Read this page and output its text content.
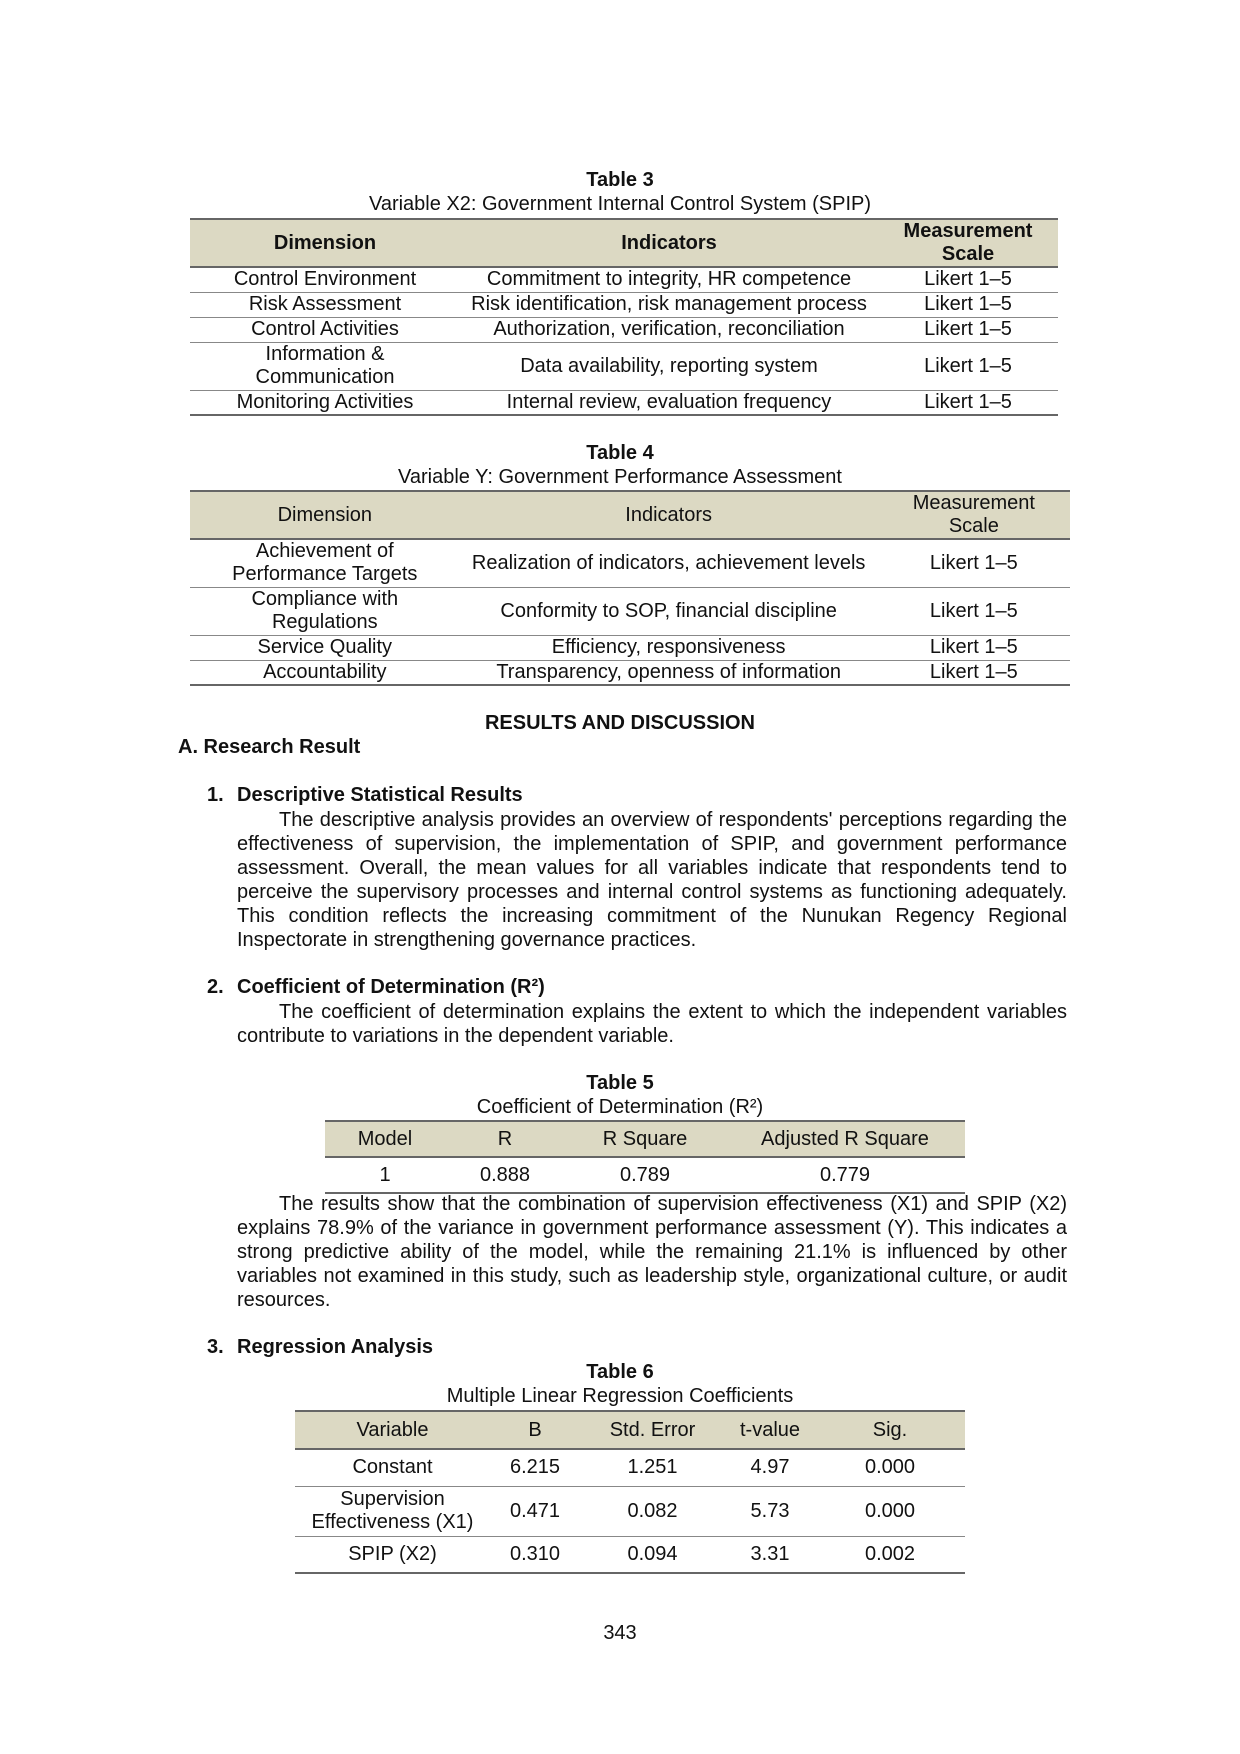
Table 3
Variable X2: Government Internal Control System (SPIP)
Dimension	Indicators	Measurement Scale
Control Environment	Commitment to integrity, HR competence	Likert 1–5
Risk Assessment	Risk identification, risk management process	Likert 1–5
Control Activities	Authorization, verification, reconciliation	Likert 1–5
Information & Communication	Data availability, reporting system	Likert 1–5
Monitoring Activities	Internal review, evaluation frequency	Likert 1–5
Table 4
Variable Y: Government Performance Assessment
Dimension	Indicators	Measurement Scale
Achievement of Performance Targets	Realization of indicators, achievement levels	Likert 1–5
Compliance with Regulations	Conformity to SOP, financial discipline	Likert 1–5
Service Quality	Efficiency, responsiveness	Likert 1–5
Accountability	Transparency, openness of information	Likert 1–5
RESULTS AND DISCUSSION
A. Research Result
1. Descriptive Statistical Results
The descriptive analysis provides an overview of respondents' perceptions regarding the effectiveness of supervision, the implementation of SPIP, and government performance assessment. Overall, the mean values for all variables indicate that respondents tend to perceive the supervisory processes and internal control systems as functioning adequately. This condition reflects the increasing commitment of the Nunukan Regency Regional Inspectorate in strengthening governance practices.
2. Coefficient of Determination (R²)
The coefficient of determination explains the extent to which the independent variables contribute to variations in the dependent variable.
Table 5
Coefficient of Determination (R²)
Model	R	R Square	Adjusted R Square
1	0.888	0.789	0.779
The results show that the combination of supervision effectiveness (X1) and SPIP (X2) explains 78.9% of the variance in government performance assessment (Y). This indicates a strong predictive ability of the model, while the remaining 21.1% is influenced by other variables not examined in this study, such as leadership style, organizational culture, or audit resources.
3. Regression Analysis
Table 6
Multiple Linear Regression Coefficients
Variable	B	Std. Error	t-value	Sig.
Constant	6.215	1.251	4.97	0.000
Supervision Effectiveness (X1)	0.471	0.082	5.73	0.000
SPIP (X2)	0.310	0.094	3.31	0.002
343
